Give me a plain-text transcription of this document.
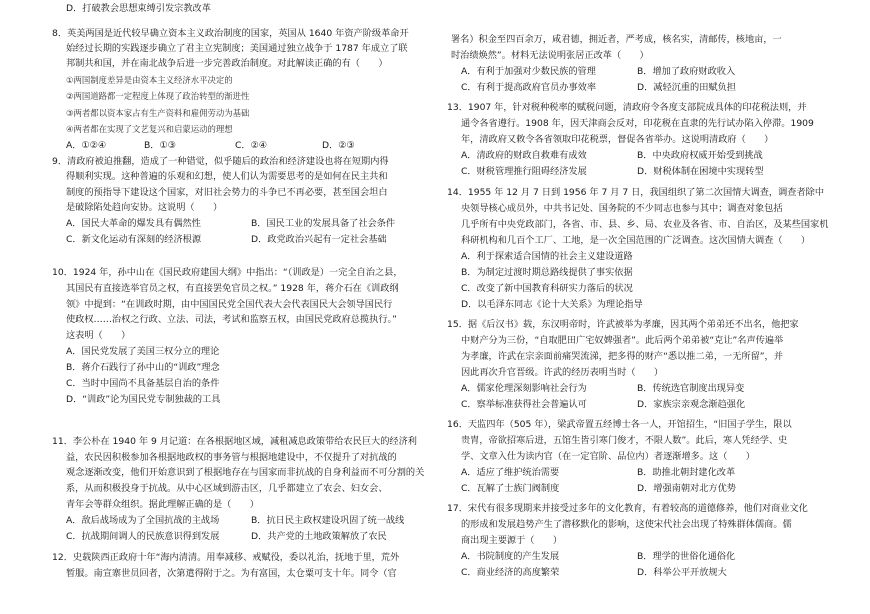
D．打破教会思想束缚引发宗教改革
8．英美两国是近代较早确立资本主义政治制度的国家，英国从 1640 年资产阶级革命开
始经过长期的实践逐步确立了君主立宪制度；美国通过独立战争于 1787 年成立了联
邦制共和国，并在南北战争后进一步完善政治制度。对此解读正确的有（　　）
①两国制度差异是由资本主义经济水平决定的
②两国道路都一定程度上体现了政治转型的渐进性
③两者都以资本家占有生产资料和雇佣劳动为基础
④两者都在实现了文艺复兴和启蒙运动的理想
9．清政府被迫推翻，造成了一种错觉，似乎随后的政治和经济建设也将在短期内得
得顺利实现。这种普遍的乐观和幻想，使人们认为需要思考的是如何在民主共和
制度的预指导下建设这个国家，对旧社会势力的斗争已不再必要，甚至国会坦白
是破除陷处趋向安协。这说明（　　）
10．1924 年，孙中山在《国民政府建国大纲》中指出：“（训政是）一完全自治之县，
其国民有直接选举官员之权，有直接罢免官员之权。” 1928 年，蒋介石在《训政纲
领》中提到：“在训政时期，由中国国民党全国代表大会代表国民大会领导国民行
使政权……治权之行政、立法、司法，考试和监察五权，由国民党政府总揽执行。”
这表明（　　）
11．李公朴在 1940 年 9 月记道：在各根据地区域，减租减息政策带给农民巨大的经济利
益，农民因积极参加各根据地政权的事务管与根据地建设中，不仅提升了对抗战的
观念逐渐改变，他们开始意识到了根据地存在与国家而非抗战的自身利益而不可分割的关
系，从而积极投身于抗战。从中心区域到游击区，几乎都建立了农会、妇女会、
青年会等群众组织。据此理解正确的是（　　）
12．史载陕西正政府十年“海内清清。用奉减移、戒赋役，委以礼治，抚地于里，荒外
暂服。南宣寨世员回者，次第遣得附于之。为有富国，太仓粟可支十年。同令（官
A．①②④	B．①③	C．②④	D．②③
A．国民大革命的爆发具有偶然性	B．国民工业的发展具备了社会条件
C．新文化运动有深刻的经济根源	D．政党政治兴起有一定社会基础
A．国民党发展了美国三权分立的理论
B．蒋介石践行了孙中山的“训政”理念
C．当时中国尚不具备基层自治的条件
D．“训政”论为国民党专制独裁的工具
A．敌后战场成为了全国抗战的主战场	B．抗日民主政权建设巩固了统一战线
C．抗战期间调人的民族意识得到发展	D．共产党的土地政策解放了农民
署名）积金至四百余万，咸君德，拥近者，严考成，核名实，清邮传，核地亩，一
时治绩焕然”。材料无法说明张居正改革（　　）
13．1907 年，针对税种税率的赋税问题，清政府令各度支部院成具体的印花税法则，并
通令各省遵行。1908 年，因天津商会反对，印花税在直隶的先行试办陷入停滞。1909
年，清政府又敕令各省领取印花税票，督促各省举办。这说明清政府（　　）
14．1955 年 12 月 7 日到 1956 年 7 月 7 日，我国组织了第二次国情大调查，调查者除中
央领导核心成员外，中共书记处、国务院的不少同志也参与其中；调查对象包括
几乎所有中央党政部门，各省、市、县、乡、局、农业及各省、市、自治区，及某些国家机
科研机构和几百个工厂、工地，是一次全国范围的广泛调查。这次国情大调查（　　）
15．据《后汉书》载，东汉明帝时，许武被举为孝廉，因其两个弟弟还不出名，他把家
中财产分为三份，“自取肥田广宅奴婢强者”。此后两个弟弟被“克让”名声传遍举
为孝廉，许武在宗亲面前痛哭流涕，把多得的财产“悉以推二弟，一无所留”，并
因此再次升官晋级。许武的经历表明当时（　　）
16．天监四年（505 年），梁武帝置五经博士各一人，开馆招生，“旧国子学生，限以
贵胄，帝欲招寒后进，五馆生皆引寒门俊才，不限人数”。此后，寒人凭经学、史
学、文章入仕为读内官（在一定官阶、品位内）者逐渐增多。这（　　）
17．宋代有很多现期来并接受过多年的文化教育，有着较高的道德修养，他们对商业文化
的形成和发展趋势产生了潜移默化的影响，这使宋代社会出现了特殊群体儒商。儒
商出现主要源于（　　）
A．有利于加强对少数民族的管理	B．增加了政府财政收入
C．有利于提高政府官员办事效率	D．减轻沉重的田赋负担
A．清政府的财政自救难有成效	B．中央政府权威开始受到挑战
C．财税管理推行阻碍经济发展	D．财税体制在困境中实现转型
A．利于探索适合国情的社会主义建设道路
B．为制定过渡时期总路线提供了事实依据
C．改变了新中国教育科研实力落后的状况
D．以毛泽东同志《论十大关系》为理论指导
A．儒家伦理深刻影响社会行为	B．传统选官制度出现异变
C．察举标准获得社会普遍认可	D．家族宗亲观念渐趋强化
A．适应了维护统治需要	B．助推北朝封建化改革
C．瓦解了士族门阀制度	D．增强南朝对北方优势
A．书院制度的产生发展	B．理学的世俗化通俗化
C．商业经济的高度繁荣	D．科举公平开放规大
